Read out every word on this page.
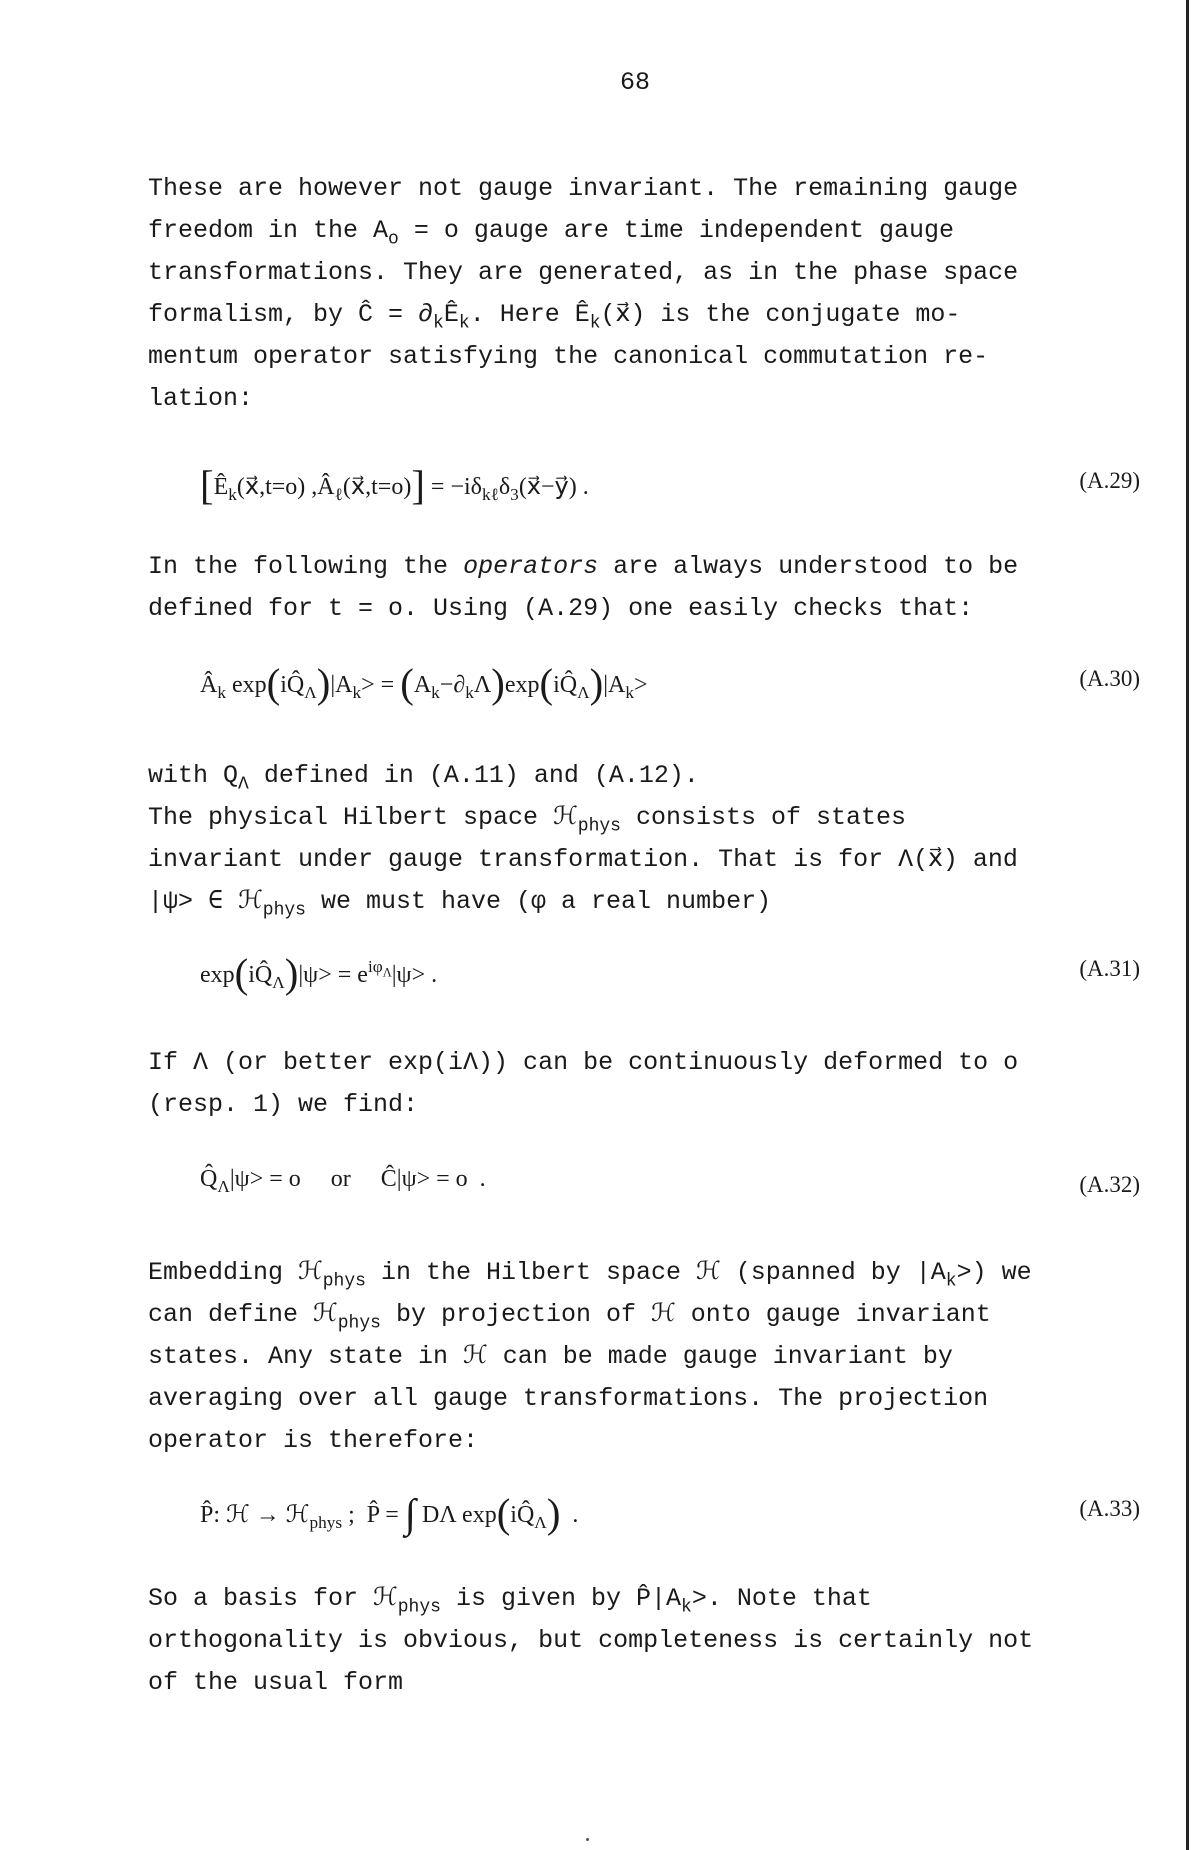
68
These are however not gauge invariant. The remaining gauge
freedom in the $A_o = o$ gauge are time independent gauge
transformations. They are generated, as in the phase space
formalism, by Ĉ = $\partial_kÊ_k$. Here $Ê_k(x⃗)$ is the conjugate mo-
mentum operator satisfying the canonical commutation re-
lation:
[$Ê_k(x⃗,t=o)$ $,Â_\ell(x⃗,t=o)$] = $-i\delta_{k\ell}\delta_3(x⃗-y⃗)$ .	(A.29)
In the following the operators are always understood to be
defined for t = o. Using (A.29) one easily checks that:
$Â_k$ $\exp(iQ̂_\Lambda)|A_k>$ = $(A_k-\partial_k\Lambda)\exp(iQ̂_\Lambda)|A_k>$	(A.30)
with $Q_\Lambda$ defined in (A.11) and (A.12).
The physical Hilbert space ℋ$_{phys}$ consists of states
invariant under gauge transformation. That is for Λ(x⃗) and
|ψ> ∈ ℋ$_{phys}$ we must have (φ a real number)
$\exp(iQ̂_\Lambda)|\psi> = e^{i\varphi_\Lambda}|\psi>$ .	(A.31)
If Λ (or better exp(iΛ)) can be continuously deformed to o
(resp. 1) we find:
$Q̂_\Lambda|\psi> = o$     or     Ĉ|ψ> = o  .	(A.32)
Embedding ℋ$_{phys}$ in the Hilbert space ℋ (spanned by $|A_k>$) we
can define ℋ$_{phys}$ by projection of ℋ onto gauge invariant
states. Any state in ℋ can be made gauge invariant by
averaging over all gauge transformations. The projection
operator is therefore:
P̂: ℋ → ℋ$_{phys}$ ;  P̂ = ∫ DΛ $\exp(iQ̂_\Lambda)$  .	(A.33)
So a basis for ℋ$_{phys}$ is given by $P̂|A_k>$. Note that
orthogonality is obvious, but completeness is certainly not
of the usual form
